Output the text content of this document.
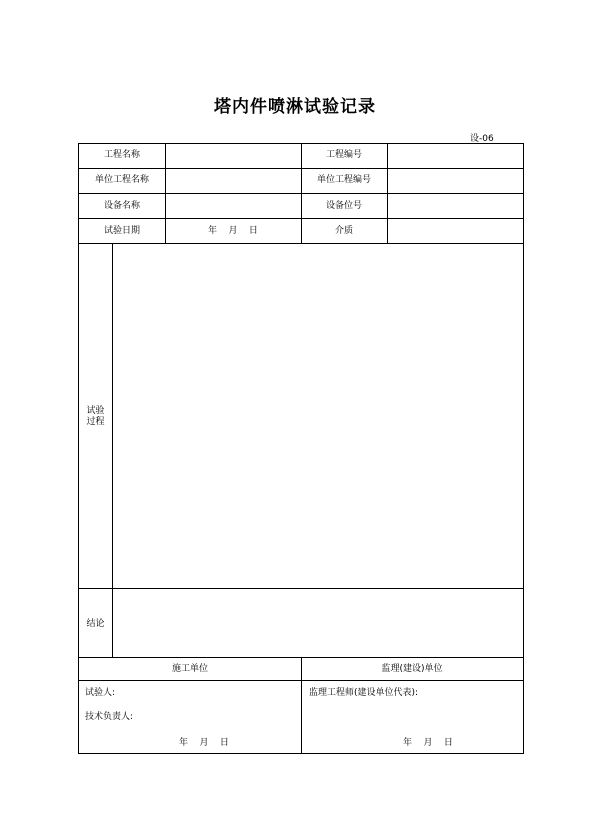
塔内件喷淋试验记录
设-06
工程名称	工程编号
单位工程名称	单位工程编号
设备名称	设备位号
试验日期	年    月    日	介质
试验
过程
结论
施工单位	监理(建设)单位
试验人:
技术负责人:
年    月    日
监理工程师(建设单位代表):
年    月    日
